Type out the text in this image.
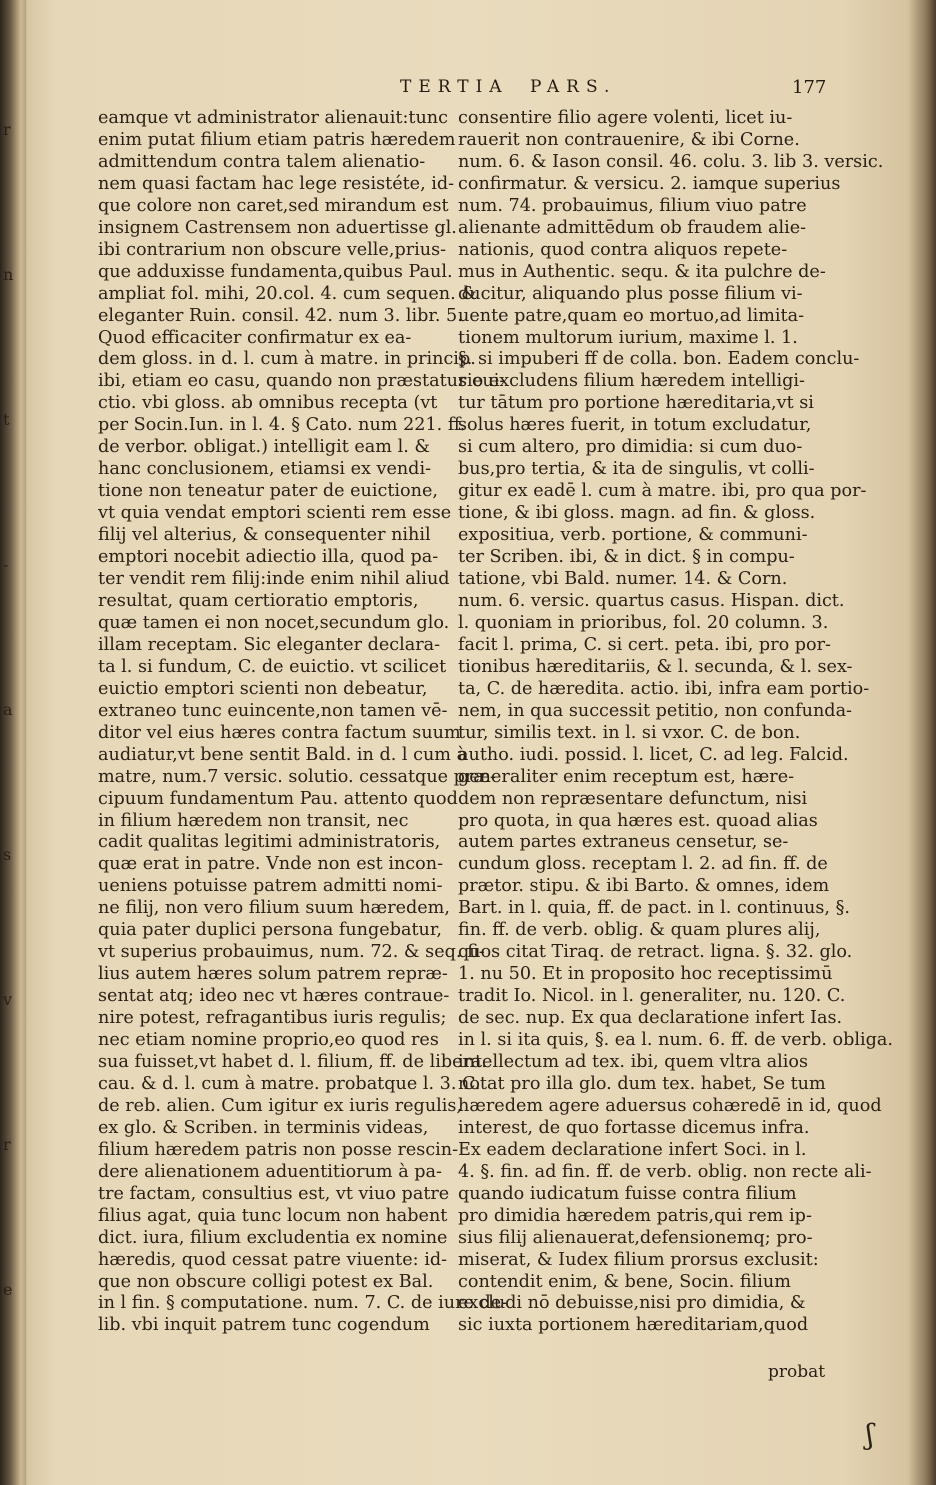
r
n
t
-
a
s
v
r
e
TERTIA PARS.	177

eamque vt administrator alienauit:tunc

enim putat filium etiam patris hæredem

admittendum contra talem alienatio-

nem quasi factam hac lege resistéte, id-

que colore non caret,sed mirandum est

insignem Castrensem non aduertisse gl.

ibi contrarium non obscure velle,prius-

que adduxisse fundamenta,quibus Paul.

ampliat fol. mihi, 20.col. 4. cum sequen. &

eleganter Ruin. consil. 42. num 3. libr. 5.

Quod efficaciter confirmatur ex ea-

dem gloss. in d. l. cum à matre. in princip.

ibi, etiam eo casu, quando non præstatur eui-

ctio. vbi gloss. ab omnibus recepta (vt

per Socin.Iun. in l. 4. § Cato. num 221. ff.

de verbor. obligat.) intelligit eam l. &

hanc conclusionem, etiamsi ex vendi-

tione non teneatur pater de euictione,

vt quia vendat emptori scienti rem esse

filij vel alterius, & consequenter nihil

emptori nocebit adiectio illa, quod pa-

ter vendit rem filij:inde enim nihil aliud

resultat, quam certioratio emptoris,

quæ tamen ei non nocet,secundum glo.

illam receptam. Sic eleganter declara-

ta l. si fundum, C. de euictio. vt scilicet

euictio emptori scienti non debeatur,

extraneo tunc euincente,non tamen vē-

ditor vel eius hæres contra factum suum

audiatur,vt bene sentit Bald. in d. l cum à

matre, num.7 versic. solutio. cessatque præ-

cipuum fundamentum Pau. attento quod

in filium hæredem non transit, nec

cadit qualitas legitimi administratoris,

quæ erat in patre. Vnde non est incon-

ueniens potuisse patrem admitti nomi-

ne filij, non vero filium suum hæredem,

quia pater duplici persona fungebatur,

vt superius probauimus, num. 72. & seq. fi-

lius autem hæres solum patrem repræ-

sentat atq; ideo nec vt hæres contraue-

nire potest, refragantibus iuris regulis;

nec etiam nomine proprio,eo quod res

sua fuisset,vt habet d. l. filium, ff. de libera.

cau. & d. l. cum à matre. probatque l. 3. C.

de reb. alien. Cum igitur ex iuris regulis,

ex glo. & Scriben. in terminis videas,

filium hæredem patris non posse rescin-

dere alienationem aduentitiorum à pa-

tre factam, consultius est, vt viuo patre

filius agat, quia tunc locum non habent

dict. iura, filium excludentia ex nomine

hæredis, quod cessat patre viuente: id-

que non obscure colligi potest ex Bal.

in l fin. § computatione. num. 7. C. de iure de-

lib. vbi inquit patrem tunc cogendum

consentire filio agere volenti, licet iu-

rauerit non contrauenire, & ibi Corne.

num. 6. & Iason consil. 46. colu. 3. lib 3. versic.

confirmatur. & versicu. 2. iamque superius

num. 74. probauimus, filium viuo patre

alienante admittēdum ob fraudem alie-

nationis, quod contra aliquos repete-

mus in Authentic. sequ. & ita pulchre de-

ducitur, aliquando plus posse filium vi-

uente patre,quam eo mortuo,ad limita-

tionem multorum iurium, maxime l. 1.

§. si impuberi ff de colla. bon. Eadem conclu-

sio excludens filium hæredem intelligi-

tur tātum pro portione hæreditaria,vt si

solus hæres fuerit, in totum excludatur,

si cum altero, pro dimidia: si cum duo-

bus,pro tertia, & ita de singulis, vt colli-

gitur ex eadē l. cum à matre. ibi, pro qua por-

tione, & ibi gloss. magn. ad fin. & gloss.

expositiua, verb. portione, & communi-

ter Scriben. ibi, & in dict. § in compu-

tatione, vbi Bald. numer. 14. & Corn.

num. 6. versic. quartus casus. Hispan. dict.

l. quoniam in prioribus, fol. 20 column. 3.

facit l. prima, C. si cert. peta. ibi, pro por-

tionibus hæreditariis, & l. secunda, & l. sex-

ta, C. de hæredita. actio. ibi, infra eam portio-

nem, in qua successit petitio, non confunda-

tur, similis text. in l. si vxor. C. de bon.

autho. iudi. possid. l. licet, C. ad leg. Falcid.

generaliter enim receptum est, hære-

dem non repræsentare defunctum, nisi

pro quota, in qua hæres est. quoad alias

autem partes extraneus censetur, se-

cundum gloss. receptam l. 2. ad fin. ff. de

prætor. stipu. & ibi Barto. & omnes, idem

Bart. in l. quia, ff. de pact. in l. continuus, §.

fin. ff. de verb. oblig. & quam plures alij,

quos citat Tiraq. de retract. ligna. §. 32. glo.

1. nu 50. Et in proposito hoc receptissimū

tradit Io. Nicol. in l. generaliter, nu. 120. C.

de sec. nup. Ex qua declaratione infert Ias.

in l. si ita quis, §. ea l. num. 6. ff. de verb. obliga.

intellectum ad tex. ibi, quem vltra alios

notat pro illa glo. dum tex. habet, Se tum

hæredem agere aduersus cohæredē in id, quod

interest, de quo fortasse dicemus infra.

Ex eadem declaratione infert Soci. in l.

4. §. fin. ad fin. ff. de verb. oblig. non recte ali-

quando iudicatum fuisse contra filium

pro dimidia hæredem patris,qui rem ip-

sius filij alienauerat,defensionemq; pro-

miserat, & Iudex filium prorsus exclusit:

contendit enim, & bene, Socin. filium

excludi nō debuisse,nisi pro dimidia, &

sic iuxta portionem hæreditariam,quod

probat
ʃ
